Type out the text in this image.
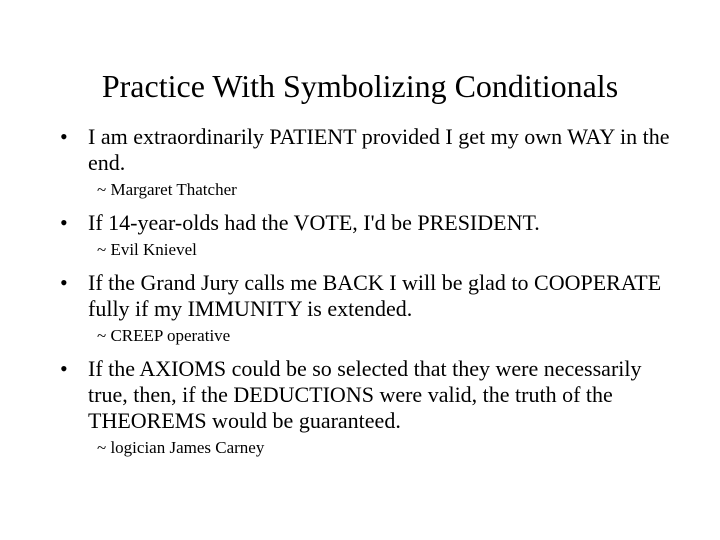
Practice With Symbolizing Conditionals
• I am extraordinarily PATIENT provided I get my own WAY in the end.
~ Margaret Thatcher
• If 14-year-olds had the VOTE, I'd be PRESIDENT.
~ Evil Knievel
• If the Grand Jury calls me BACK I will be glad to COOPERATE fully if my IMMUNITY is extended.
~ CREEP operative
• If the AXIOMS could be so selected that they were necessarily true, then, if the DEDUCTIONS were valid, the truth of the THEOREMS would be guaranteed.
~ logician James Carney
